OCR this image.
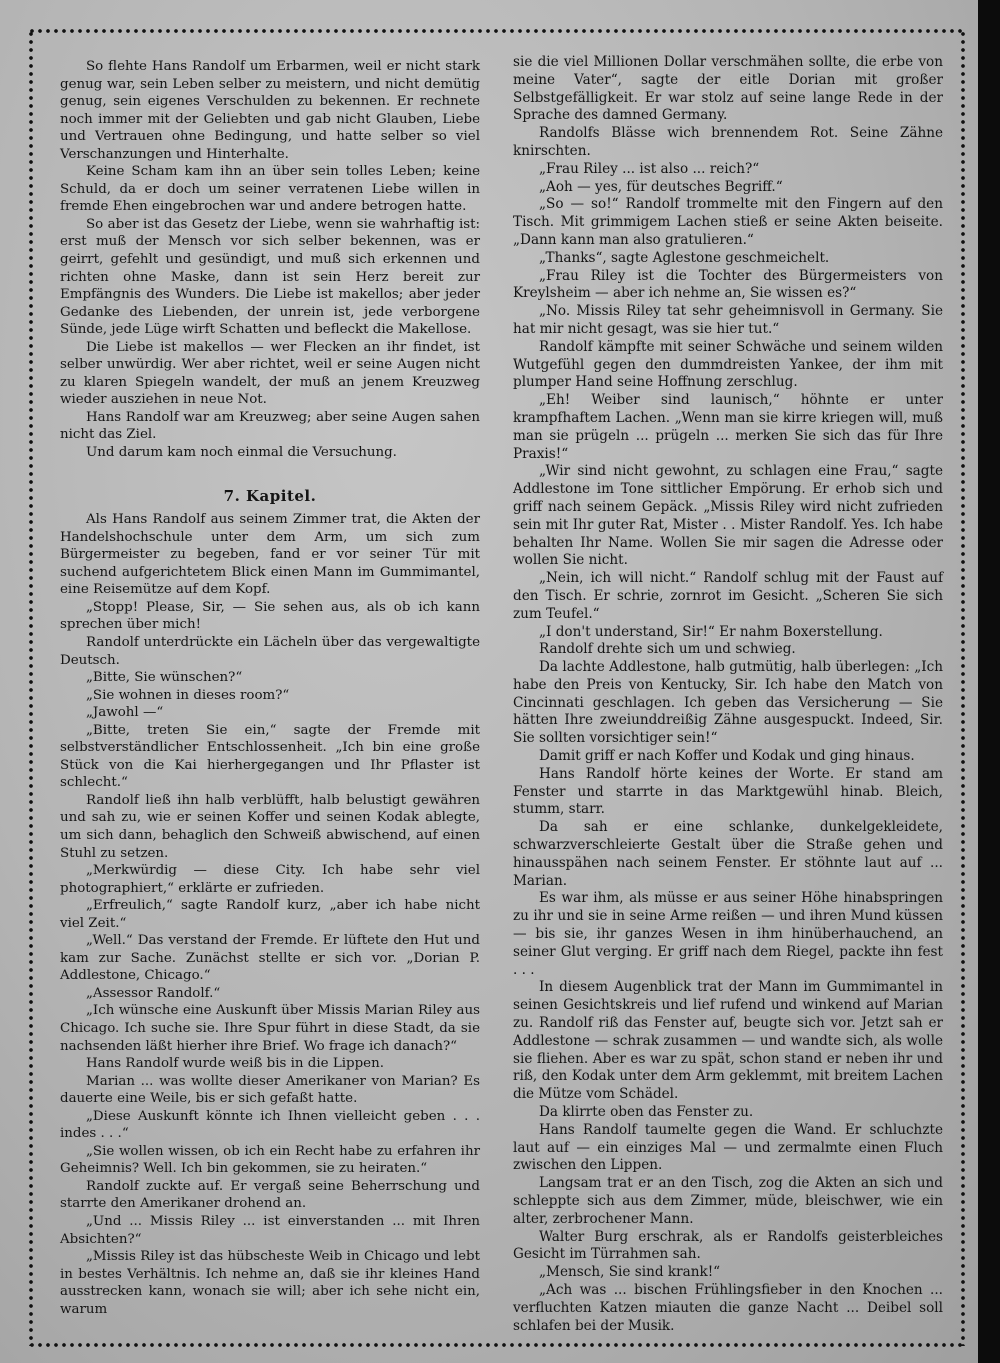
So flehte Hans Randolf um Erbarmen, weil er nicht stark genug war, sein Leben selber zu meistern, und nicht demütig genug, sein eigenes Verschulden zu bekennen. Er rechnete noch immer mit der Geliebten und gab nicht Glauben, Liebe und Vertrauen ohne Bedingung, und hatte selber so viel Verschanzungen und Hinterhalte.

Keine Scham kam ihn an über sein tolles Leben; keine Schuld, da er doch um seiner verratenen Liebe willen in fremde Ehen eingebrochen war und andere betrogen hatte.

So aber ist das Gesetz der Liebe, wenn sie wahrhaftig ist: erst muß der Mensch vor sich selber bekennen, was er geirrt, gefehlt und gesündigt, und muß sich erkennen und richten ohne Maske, dann ist sein Herz bereit zur Empfängnis des Wunders. Die Liebe ist makellos; aber jeder Gedanke des Liebenden, der unrein ist, jede verborgene Sünde, jede Lüge wirft Schatten und befleckt die Makellose.

Die Liebe ist makellos — wer Flecken an ihr findet, ist selber unwürdig. Wer aber richtet, weil er seine Augen nicht zu klaren Spiegeln wandelt, der muß an jenem Kreuzweg wieder ausziehen in neue Not.

Hans Randolf war am Kreuzweg; aber seine Augen sahen nicht das Ziel.

Und darum kam noch einmal die Versuchung.

7. Kapitel.

Als Hans Randolf aus seinem Zimmer trat, die Akten der Handelshochschule unter dem Arm, um sich zum Bürgermeister zu begeben, fand er vor seiner Tür mit suchend aufgerichtetem Blick einen Mann im Gummimantel, eine Reisemütze auf dem Kopf.

„Stopp! Please, Sir, — Sie sehen aus, als ob ich kann sprechen über mich!

Randolf unterdrückte ein Lächeln über das vergewaltigte Deutsch.

„Bitte, Sie wünschen?“

„Sie wohnen in dieses room?“

„Jawohl —“

„Bitte, treten Sie ein,“ sagte der Fremde mit selbstverständlicher Entschlossenheit. „Ich bin eine große Stück von die Kai hierhergegangen und Ihr Pflaster ist schlecht.“

Randolf ließ ihn halb verblüfft, halb belustigt gewähren und sah zu, wie er seinen Koffer und seinen Kodak ablegte, um sich dann, behaglich den Schweiß abwischend, auf einen Stuhl zu setzen.

„Merkwürdig — diese City. Ich habe sehr viel photographiert,“ erklärte er zufrieden.

„Erfreulich,“ sagte Randolf kurz, „aber ich habe nicht viel Zeit.“

„Well.“ Das verstand der Fremde. Er lüftete den Hut und kam zur Sache. Zunächst stellte er sich vor. „Dorian P. Addlestone, Chicago.“

„Assessor Randolf.“

„Ich wünsche eine Auskunft über Missis Marian Riley aus Chicago. Ich suche sie. Ihre Spur führt in diese Stadt, da sie nachsenden läßt hierher ihre Brief. Wo frage ich danach?“

Hans Randolf wurde weiß bis in die Lippen.

Marian ... was wollte dieser Amerikaner von Marian? Es dauerte eine Weile, bis er sich gefaßt hatte.

„Diese Auskunft könnte ich Ihnen vielleicht geben . . . indes . . .“

„Sie wollen wissen, ob ich ein Recht habe zu erfahren ihr Geheimnis? Well. Ich bin gekommen, sie zu heiraten.“

Randolf zuckte auf. Er vergaß seine Beherrschung und starrte den Amerikaner drohend an.

„Und ... Missis Riley ... ist einverstanden ... mit Ihren Absichten?“

„Missis Riley ist das hübscheste Weib in Chicago und lebt in bestes Verhältnis. Ich nehme an, daß sie ihr kleines Hand ausstrecken kann, wonach sie will; aber ich sehe nicht ein, warum

sie die viel Millionen Dollar verschmähen sollte, die erbe von meine Vater“, sagte der eitle Dorian mit großer Selbstgefälligkeit. Er war stolz auf seine lange Rede in der Sprache des damned Germany.

Randolfs Blässe wich brennendem Rot. Seine Zähne knirschten.

„Frau Riley ... ist also ... reich?“

„Aoh — yes, für deutsches Begriff.“

„So — so!“ Randolf trommelte mit den Fingern auf den Tisch. Mit grimmigem Lachen stieß er seine Akten beiseite. „Dann kann man also gratulieren.“

„Thanks“, sagte Aglestone geschmeichelt.

„Frau Riley ist die Tochter des Bürgermeisters von Kreylsheim — aber ich nehme an, Sie wissen es?“

„No. Missis Riley tat sehr geheimnisvoll in Germany. Sie hat mir nicht gesagt, was sie hier tut.“

Randolf kämpfte mit seiner Schwäche und seinem wilden Wutgefühl gegen den dummdreisten Yankee, der ihm mit plumper Hand seine Hoffnung zerschlug.

„Eh! Weiber sind launisch,“ höhnte er unter krampfhaftem Lachen. „Wenn man sie kirre kriegen will, muß man sie prügeln ... prügeln ... merken Sie sich das für Ihre Praxis!“

„Wir sind nicht gewohnt, zu schlagen eine Frau,“ sagte Addlestone im Tone sittlicher Empörung. Er erhob sich und griff nach seinem Gepäck. „Missis Riley wird nicht zufrieden sein mit Ihr guter Rat, Mister . . Mister Randolf. Yes. Ich habe behalten Ihr Name. Wollen Sie mir sagen die Adresse oder wollen Sie nicht.

„Nein, ich will nicht.“ Randolf schlug mit der Faust auf den Tisch. Er schrie, zornrot im Gesicht. „Scheren Sie sich zum Teufel.“

„I don't understand, Sir!“ Er nahm Boxerstellung.

Randolf drehte sich um und schwieg.

Da lachte Addlestone, halb gutmütig, halb überlegen: „Ich habe den Preis von Kentucky, Sir. Ich habe den Match von Cincinnati geschlagen. Ich geben das Versicherung — Sie hätten Ihre zweiunddreißig Zähne ausgespuckt. Indeed, Sir. Sie sollten vorsichtiger sein!“

Damit griff er nach Koffer und Kodak und ging hinaus.

Hans Randolf hörte keines der Worte. Er stand am Fenster und starrte in das Marktgewühl hinab. Bleich, stumm, starr.

Da sah er eine schlanke, dunkelgekleidete, schwarzverschleierte Gestalt über die Straße gehen und hinausspähen nach seinem Fenster. Er stöhnte laut auf ... Marian.

Es war ihm, als müsse er aus seiner Höhe hinabspringen zu ihr und sie in seine Arme reißen — und ihren Mund küssen — bis sie, ihr ganzes Wesen in ihm hinüberhauchend, an seiner Glut verging. Er griff nach dem Riegel, packte ihn fest . . .

In diesem Augenblick trat der Mann im Gummimantel in seinen Gesichtskreis und lief rufend und winkend auf Marian zu. Randolf riß das Fenster auf, beugte sich vor. Jetzt sah er Addlestone — schrak zusammen — und wandte sich, als wolle sie fliehen. Aber es war zu spät, schon stand er neben ihr und riß, den Kodak unter dem Arm geklemmt, mit breitem Lachen die Mütze vom Schädel.

Da klirrte oben das Fenster zu.

Hans Randolf taumelte gegen die Wand. Er schluchzte laut auf — ein einziges Mal — und zermalmte einen Fluch zwischen den Lippen.

Langsam trat er an den Tisch, zog die Akten an sich und schleppte sich aus dem Zimmer, müde, bleischwer, wie ein alter, zerbrochener Mann.

Walter Burg erschrak, als er Randolfs geisterbleiches Gesicht im Türrahmen sah.

„Mensch, Sie sind krank!“

„Ach was ... bischen Frühlingsfieber in den Knochen ... verfluchten Katzen miauten die ganze Nacht ... Deibel soll schlafen bei der Musik.
